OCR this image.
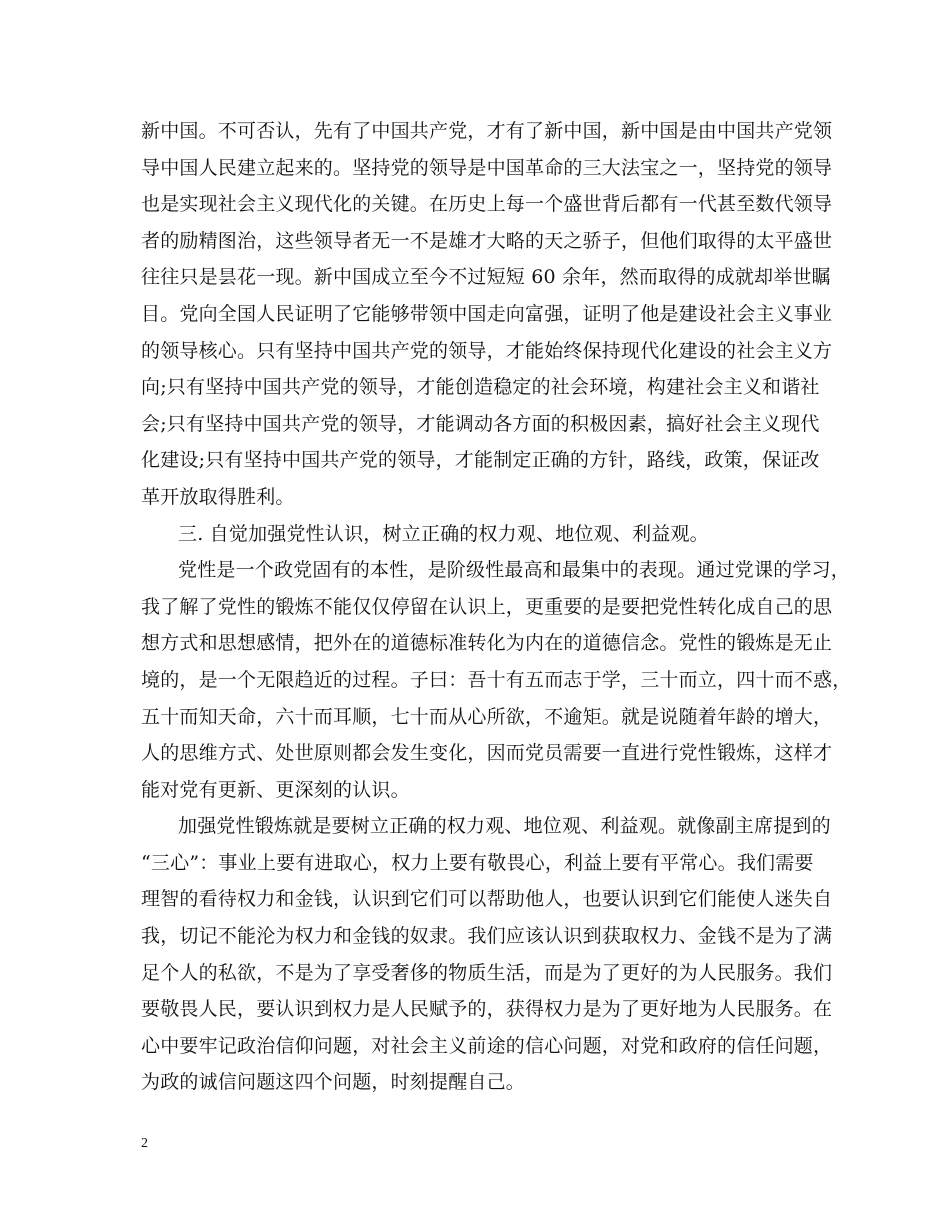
新中国。不可否认，先有了中国共产党，才有了新中国，新中国是由中国共产党领
导中国人民建立起来的。坚持党的领导是中国革命的三大法宝之一，坚持党的领导
也是实现社会主义现代化的关键。在历史上每一个盛世背后都有一代甚至数代领导
者的励精图治，这些领导者无一不是雄才大略的天之骄子，但他们取得的太平盛世
往往只是昙花一现。新中国成立至今不过短短 60 余年，然而取得的成就却举世瞩
目。党向全国人民证明了它能够带领中国走向富强，证明了他是建设社会主义事业
的领导核心。只有坚持中国共产党的领导，才能始终保持现代化建设的社会主义方
向;只有坚持中国共产党的领导，才能创造稳定的社会环境，构建社会主义和谐社
会;只有坚持中国共产党的领导，才能调动各方面的积极因素，搞好社会主义现代
化建设;只有坚持中国共产党的领导，才能制定正确的方针，路线，政策，保证改
革开放取得胜利。
三. 自觉加强党性认识，树立正确的权力观、地位观、利益观。
党性是一个政党固有的本性，是阶级性最高和最集中的表现。通过党课的学习，
我了解了党性的锻炼不能仅仅停留在认识上，更重要的是要把党性转化成自己的思
想方式和思想感情，把外在的道德标准转化为内在的道德信念。党性的锻炼是无止
境的，是一个无限趋近的过程。子曰：吾十有五而志于学，三十而立，四十而不惑，
五十而知天命，六十而耳顺，七十而从心所欲，不逾矩。就是说随着年龄的增大，
人的思维方式、处世原则都会发生变化，因而党员需要一直进行党性锻炼，这样才
能对党有更新、更深刻的认识。
加强党性锻炼就是要树立正确的权力观、地位观、利益观。就像副主席提到的
“三心”：事业上要有进取心，权力上要有敬畏心，利益上要有平常心。我们需要
理智的看待权力和金钱，认识到它们可以帮助他人，也要认识到它们能使人迷失自
我，切记不能沦为权力和金钱的奴隶。我们应该认识到获取权力、金钱不是为了满
足个人的私欲，不是为了享受奢侈的物质生活，而是为了更好的为人民服务。我们
要敬畏人民，要认识到权力是人民赋予的，获得权力是为了更好地为人民服务。在
心中要牢记政治信仰问题，对社会主义前途的信心问题，对党和政府的信任问题，
为政的诚信问题这四个问题，时刻提醒自己。
2
